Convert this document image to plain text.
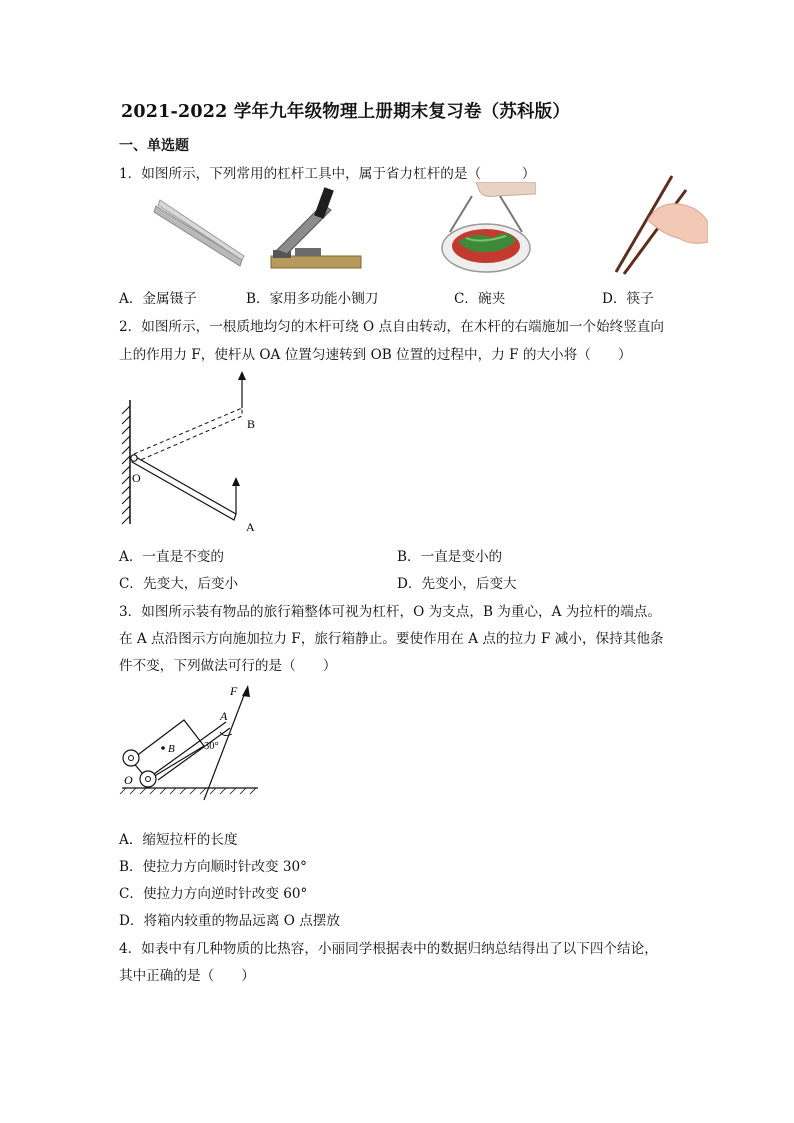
2021-2022 学年九年级物理上册期末复习卷（苏科版）
一、单选题
1．如图所示，下列常用的杠杆工具中，属于省力杠杆的是（　　　）
A．金属镊子	B．家用多功能小铡刀	C．碗夹	D．筷子
2．如图所示，一根质地均匀的木杆可绕 O 点自由转动，在木杆的右端施加一个始终竖直向
上的作用力 F，使杆从 OA 位置匀速转到 OB 位置的过程中，力 F 的大小将（　　）
B
O
A
A．一直是不变的	B．一直是变小的
C．先变大，后变小	D．先变小，后变大
3．如图所示装有物品的旅行箱整体可视为杠杆，O 为支点，B 为重心，A 为拉杆的端点。
在 A 点沿图示方向施加拉力 F，旅行箱静止。要使作用在 A 点的拉力 F 减小，保持其他条
件不变，下列做法可行的是（　　）
F
A
B
O
30°
A．缩短拉杆的长度
B．使拉力方向顺时针改变 30°
C．使拉力方向逆时针改变 60°
D．将箱内较重的物品远离 O 点摆放
4．如表中有几种物质的比热容，小丽同学根据表中的数据归纳总结得出了以下四个结论，
其中正确的是（　　）
